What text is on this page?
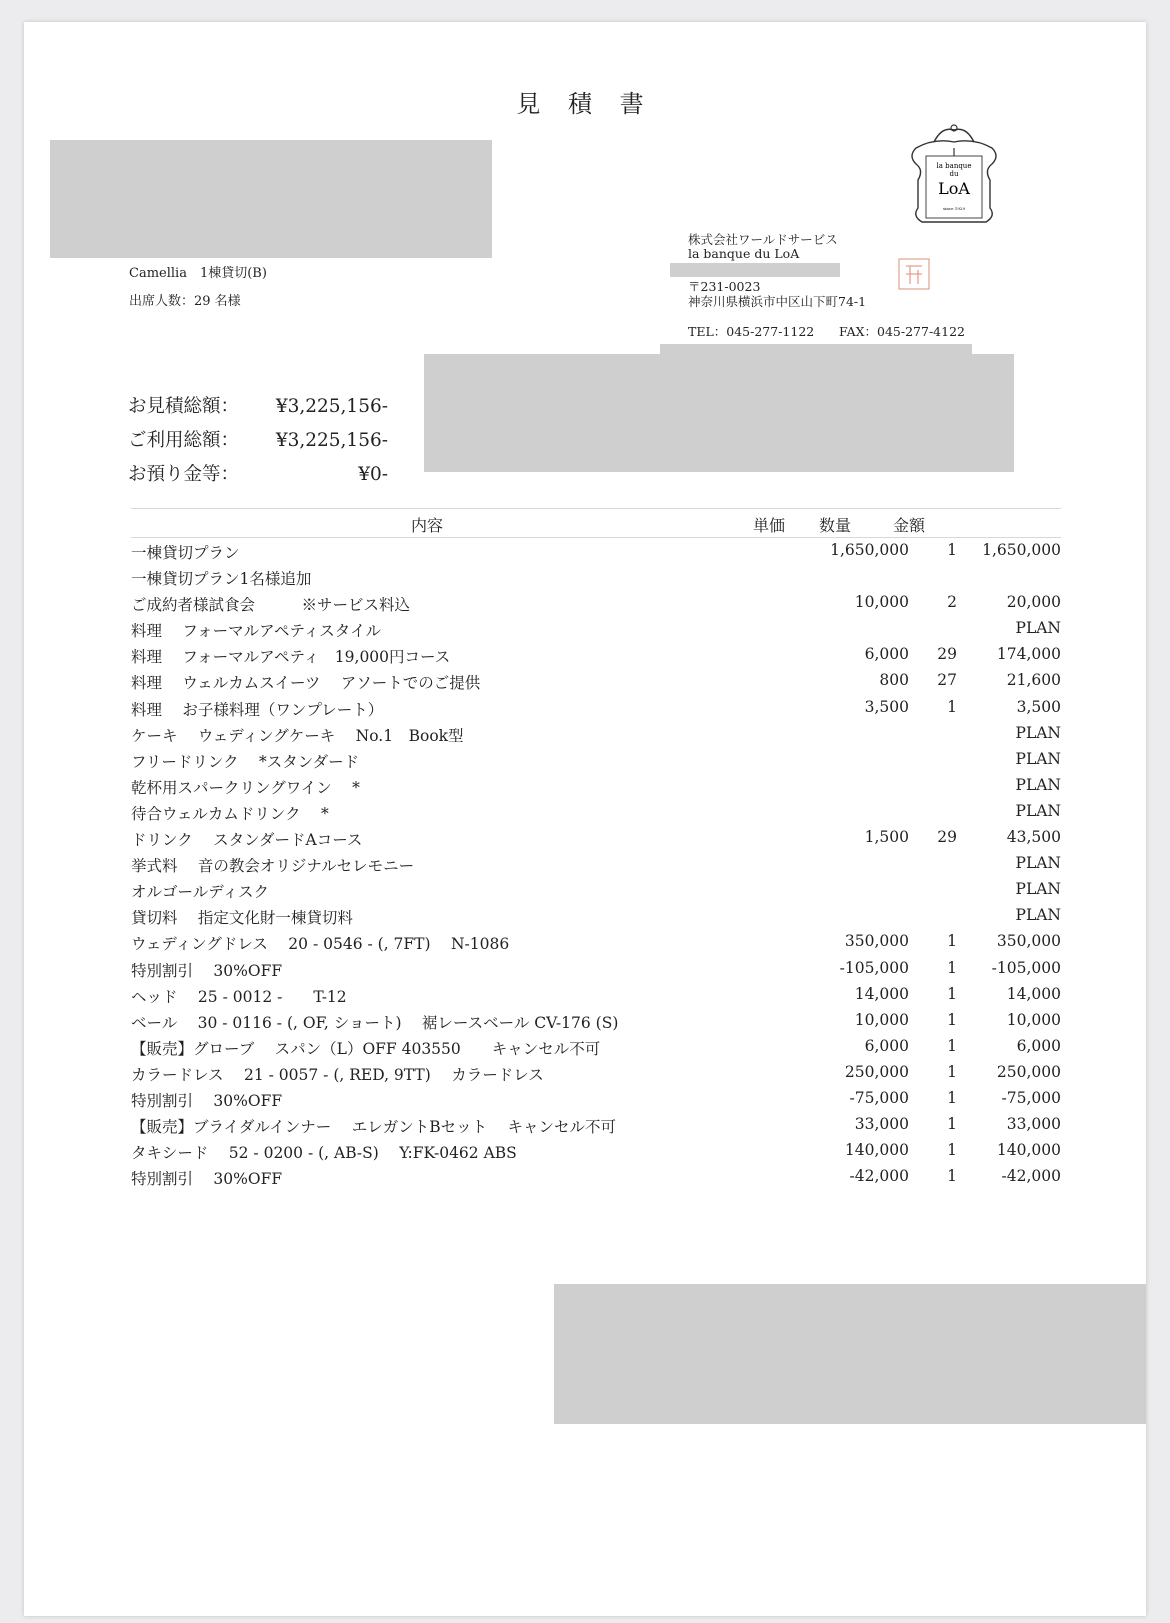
見 積 書
Camellia　1棟貸切(B)
出席人数：29 名様
la banque
du
LoA
since 1929
株式会社ワールドサービス
la banque du LoA
〒231-0023
神奈川県横浜市中区山下町74-1
TEL：045-277-1122 FAX：045-277-4122
お見積総額： ¥3,225,156-
ご利用総額： ¥3,225,156-
お預り金等：	¥0-
内容	単価 数量	金額
一棟貸切プラン	1,650,000 1 1,650,000
一棟貸切プラン1名様追加
ご成約者様試食会　　　※サービス料込	10,000 2	20,000
料理　 フォーマルアペティスタイル	PLAN
料理　 フォーマルアペティ　19,000円コース	6,000 29	174,000
料理　 ウェルカムスイーツ　 アソートでのご提供	800 27	21,600
料理　 お子様料理（ワンプレート）	3,500 1	3,500
ケーキ　 ウェディングケーキ　 No.1　Book型	PLAN
フリードリンク　 *スタンダード	PLAN
乾杯用スパークリングワイン　 *	PLAN
待合ウェルカムドリンク　 *	PLAN
ドリンク　 スタンダードAコース	1,500 29	43,500
挙式料　 音の教会オリジナルセレモニー	PLAN
オルゴールディスク	PLAN
貸切料　 指定文化財一棟貸切料	PLAN
ウェディングドレス　 20 - 0546 - (, 7FT)　 N-1086	350,000 1	350,000
特別割引　 30%OFF	-105,000 1 -105,000
ヘッド　 25 - 0012 -　　T-12	14,000 1	14,000
ベール　 30 - 0116 - (, OF, ショート)　 裾レースベール CV-176 (S)	10,000 1	10,000
【販売】グローブ　 スパン（L）OFF 403550　　キャンセル不可	6,000 1	6,000
カラードレス　 21 - 0057 - (, RED, 9TT)　 カラードレス	250,000 1	250,000
特別割引　 30%OFF	-75,000 1	-75,000
【販売】ブライダルインナー　 エレガントBセット　 キャンセル不可	33,000 1	33,000
タキシード　 52 - 0200 - (, AB-S)　 Y:FK-0462 ABS	140,000 1	140,000
特別割引　 30%OFF	-42,000 1	-42,000
